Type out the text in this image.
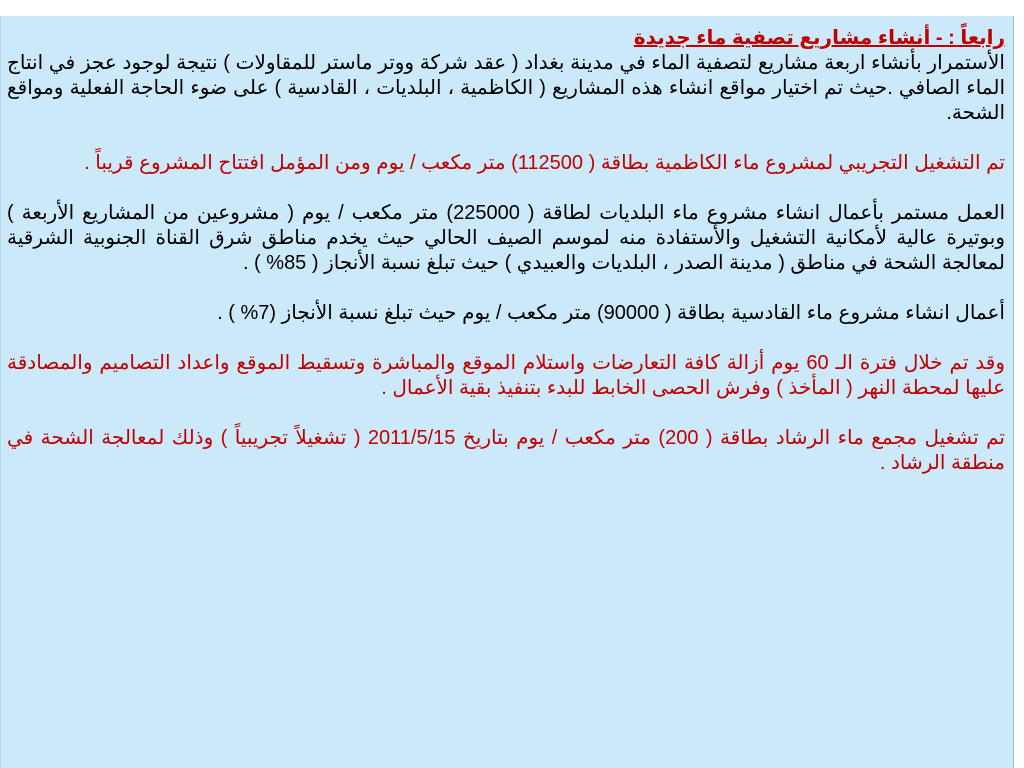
رابعاً : - أنشاء مشاريع تصفية ماء جديدة

الأستمرار بأنشاء اربعة مشاريع لتصفية الماء في مدينة بغداد ( عقد شركة ووتر ماستر للمقاولات ) نتيجة لوجود عجز في انتاج الماء الصافي .حيث تم اختيار مواقع انشاء هذه المشاريع ( الكاظمية ، البلديات ، القادسية ) على ضوء الحاجة الفعلية ومواقع الشحة.

تم التشغيل التجريبي لمشروع ماء الكاظمية بطاقة ( 112500) متر مكعب / يوم ومن المؤمل افتتاح المشروع قريباً .

العمل مستمر بأعمال انشاء مشروع ماء البلديات لطاقة ( 225000) متر مكعب / يوم ( مشروعين من المشاريع الأربعة ) وبوتيرة عالية لأمكانية التشغيل والأستفادة منه لموسم الصيف الحالي حيث يخدم مناطق شرق القناة الجنوبية الشرقية لمعالجة الشحة في مناطق ( مدينة الصدر ، البلديات والعبيدي ) حيث تبلغ نسبة الأنجاز ( 85% ) .

أعمال انشاء مشروع ماء القادسية بطاقة ( 90000) متر مكعب / يوم حيث تبلغ نسبة الأنجاز (7% ) .

وقد تم خلال فترة الـ 60 يوم أزالة كافة التعارضات واستلام الموقع والمباشرة وتسقيط الموقع واعداد التصاميم والمصادقة عليها لمحطة النهر ( المأخذ ) وفرش الحصى الخابط للبدء بتنفيذ بقية الأعمال .

تم تشغيل مجمع ماء الرشاد بطاقة ( 200) متر مكعب / يوم بتاريخ 2011/5/15 ( تشغيلاً تجريبياً ) وذلك لمعالجة الشحة في منطقة الرشاد .
